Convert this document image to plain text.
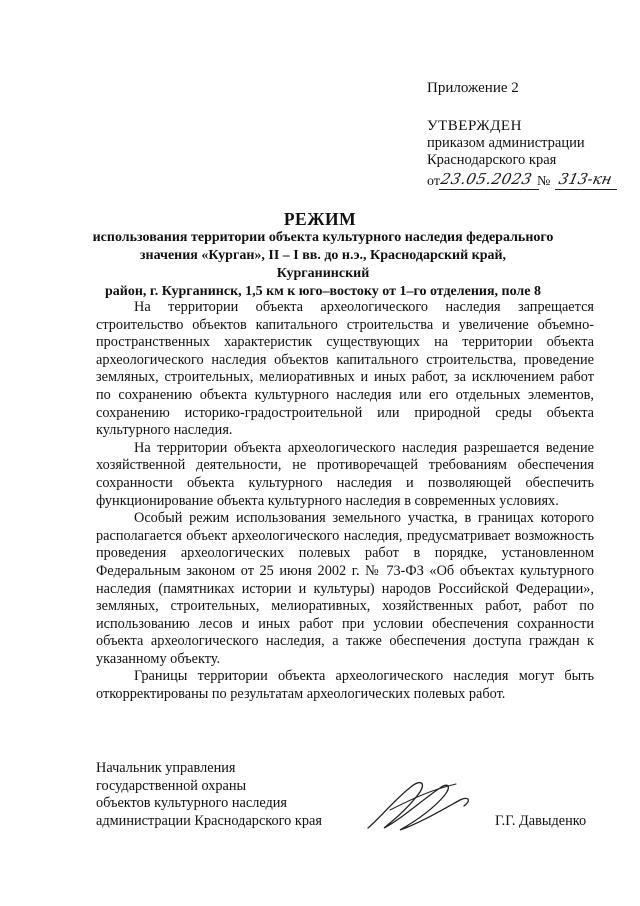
Приложение 2
УТВЕРЖДЕН
приказом администрации
Краснодарского края
от 23.05.2023 № 313-кн
РЕЖИМ
использования территории объекта культурного наследия федерального
значения «Курган», II – I вв. до н.э., Краснодарский край, Курганинский
район, г. Курганинск, 1,5 км к юго–востоку от 1–го отделения, поле 8

На территории объекта археологического наследия запрещается строительство объектов капитального строительства и увеличение объемно-пространственных характеристик существующих на территории объекта археологического наследия объектов капитального строительства, проведение земляных, строительных, мелиоративных и иных работ, за исключением работ по сохранению объекта культурного наследия или его отдельных элементов, сохранению историко-градостроительной или природной среды объекта культурного наследия.

На территории объекта археологического наследия разрешается ведение хозяйственной деятельности, не противоречащей требованиям обеспечения сохранности объекта культурного наследия и позволяющей обеспечить функционирование объекта культурного наследия в современных условиях.

Особый режим использования земельного участка, в границах которого располагается объект археологического наследия, предусматривает возможность проведения археологических полевых работ в порядке, установленном Федеральным законом от 25 июня 2002 г. № 73-ФЗ «Об объектах культурного наследия (памятниках истории и культуры) народов Российской Федерации», земляных, строительных, мелиоративных, хозяйственных работ, работ по использованию лесов и иных работ при условии обеспечения сохранности объекта археологического наследия, а также обеспечения доступа граждан к указанному объекту.

Границы территории объекта археологического наследия могут быть откорректированы по результатам археологических полевых работ.

Начальник управления
государственной охраны
объектов культурного наследия
администрации Краснодарского края	Г.Г. Давыденко
